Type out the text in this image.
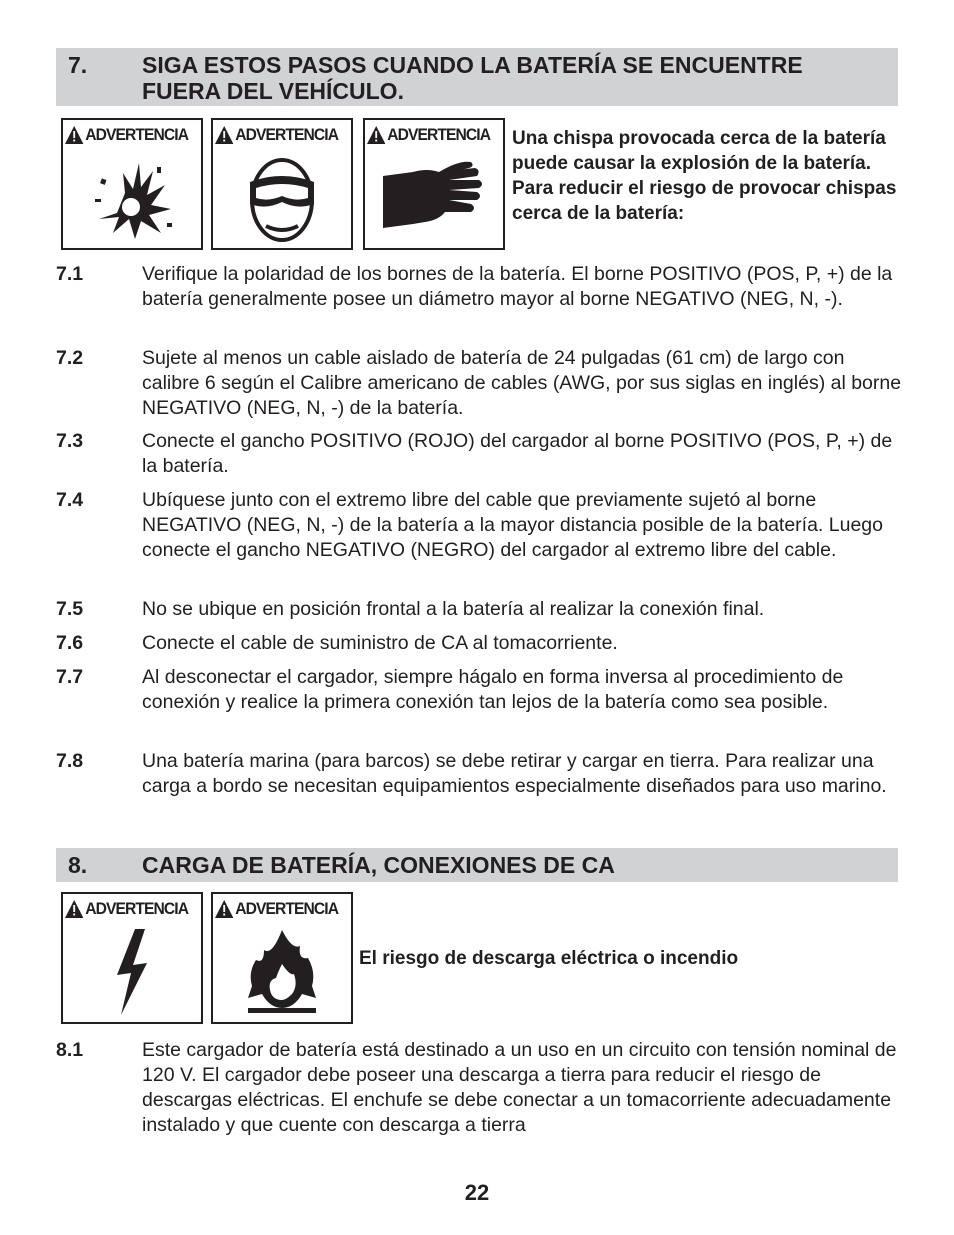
7. SIGA ESTOS PASOS CUANDO LA BATERÍA SE ENCUENTRE FUERA DEL VEHÍCULO.
ADVERTENCIA	ADVERTENCIA	ADVERTENCIA Una chispa provocada cerca de la batería puede causar la explosión de la batería. Para reducir el riesgo de provocar chispas cerca de la batería:
7.1	Verifique la polaridad de los bornes de la batería. El borne POSITIVO (POS, P, +) de la batería generalmente posee un diámetro mayor al borne NEGATIVO (NEG, N, -).
7.2	Sujete al menos un cable aislado de batería de 24 pulgadas (61 cm) de largo con calibre 6 según el Calibre americano de cables (AWG, por sus siglas en inglés) al borne NEGATIVO (NEG, N, -) de la batería.
7.3	Conecte el gancho POSITIVO (ROJO) del cargador al borne POSITIVO (POS, P, +) de la batería.
7.4	Ubíquese junto con el extremo libre del cable que previamente sujetó al borne NEGATIVO (NEG, N, -) de la batería a la mayor distancia posible de la batería. Luego conecte el gancho NEGATIVO (NEGRO) del cargador al extremo libre del cable.
7.5	No se ubique en posición frontal a la batería al realizar la conexión final.
7.6	Conecte el cable de suministro de CA al tomacorriente.
7.7	Al desconectar el cargador, siempre hágalo en forma inversa al procedimiento de conexión y realice la primera conexión tan lejos de la batería como sea posible.
7.8	Una batería marina (para barcos) se debe retirar y cargar en tierra. Para realizar una carga a bordo se necesitan equipamientos especialmente diseñados para uso marino.
8. CARGA DE BATERÍA, CONEXIONES DE CA
ADVERTENCIA	ADVERTENCIA
El riesgo de descarga eléctrica o incendio
8.1	Este cargador de batería está destinado a un uso en un circuito con tensión nominal de 120 V. El cargador debe poseer una descarga a tierra para reducir el riesgo de descargas eléctricas. El enchufe se debe conectar a un tomacorriente adecuadamente instalado y que cuente con descarga a tierra
22
